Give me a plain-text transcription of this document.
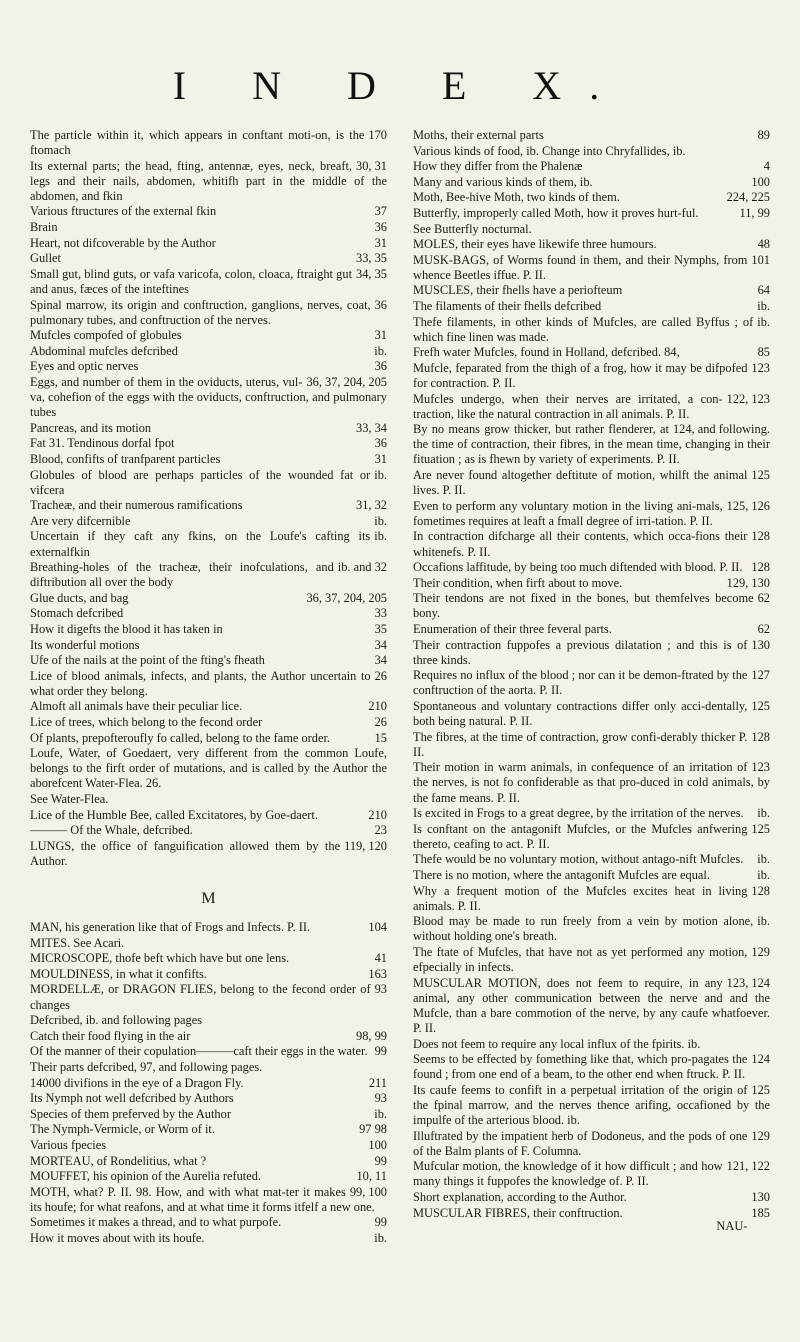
I N D E X.
170
The particle within it, which appears in conftant moti-on, is the ftomach
30, 31
Its external parts; the head, fting, antennæ, eyes, neck, breaft, legs and their nails, abdomen, whitifh part in the middle of the abdomen, and fkin
37
Various ftructures of the external fkin
36
Brain
31
Heart, not difcoverable by the Author
33, 35
Gullet
34, 35
Small gut, blind guts, or vafa varicofa, colon, cloaca, ftraight gut and anus, fæces of the inteftines
36
Spinal marrow, its origin and conftruction, ganglions, nerves, coat, pulmonary tubes, and conftruction of the nerves.
31
Mufcles compofed of globules
ib.
Abdominal mufcles defcribed
36
Eyes and optic nerves
36, 37, 204, 205
Eggs, and number of them in the oviducts, uterus, vul-va, cohefion of the eggs with the oviducts, conftruction, and pulmonary tubes
33, 34
Pancreas, and its motion
36
Fat 31. Tendinous dorfal fpot
31
Blood, confifts of tranfparent particles
ib.
Globules of blood are perhaps particles of the wounded fat or vifcera
31, 32
Tracheæ, and their numerous ramifications
ib.
Are very difcernible
ib.
Uncertain if they caft any fkins, on the Loufe's cafting its externalfkin
ib. and 32
Breathing-holes of the tracheæ, their inofculations, and diftribution all over the body
36, 37, 204, 205
Glue ducts, and bag
33
Stomach defcribed
35
How it digefts the blood it has taken in
34
Its wonderful motions
34
Ufe of the nails at the point of the fting's fheath
26
Lice of blood animals, infects, and plants, the Author uncertain to what order they belong.
210
Almoft all animals have their peculiar lice.
26
Lice of trees, which belong to the fecond order
15
Of plants, prepofteroufly fo called, belong to the fame order.
Loufe, Water, of Goedaert, very different from the common Loufe, belongs to the firft order of mutations, and is called by the Author the aborefcent Water-Flea. 26.
See Water-Flea.
210
Lice of the Humble Bee, called Excitatores, by Goe-daert.
23
——— Of the Whale, defcribed.
119, 120
LUNGS, the office of fanguification allowed them by the Author.
M
104
MAN, his generation like that of Frogs and Infects. P. II.
MITES. See Acari.
41
MICROSCOPE, thofe beft which have but one lens.
163
MOULDINESS, in what it confifts.
93
MORDELLÆ, or DRAGON FLIES, belong to the fecond order of changes
Defcribed, ib. and following pages
98, 99
Catch their food flying in the air
99
Of the manner of their copulation———caft their eggs in the water.
Their parts defcribed, 97, and following pages.
211
14000 divifions in the eye of a Dragon Fly.
93
Its Nymph not well defcribed by Authors
ib.
Species of them preferved by the Author
97 98
The Nymph-Vermicle, or Worm of it.
100
Various fpecies
99
MORTEAU, of Rondelitius, what ?
10, 11
MOUFFET, his opinion of the Aurelia refuted.
99, 100
MOTH, what? P. II. 98. How, and with what mat-ter it makes its houfe; for what reafons, and at what time it forms itfelf a new one.
99
Sometimes it makes a thread, and to what purpofe.
ib.
How it moves about with its houfe.
89
Moths, their external parts
Various kinds of food, ib. Change into Chryfallides, ib.
4
How they differ from the Phalenæ
100
Many and various kinds of them, ib.
224, 225
Moth, Bee-hive Moth, two kinds of them.
11, 99
Butterfly, improperly called Moth, how it proves hurt-ful.
See Butterfly nocturnal.
48
MOLES, their eyes have likewife three humours.
101
MUSK-BAGS, of Worms found in them, and their Nymphs, from whence Beetles iffue. P. II.
64
MUSCLES, their fhells have a periofteum
ib.
The filaments of their fhells defcribed
ib.
Thefe filaments, in other kinds of Mufcles, are called Byffus ; of which fine linen was made.
85
Frefh water Mufcles, found in Holland, defcribed. 84,
123
Mufcle, feparated from the thigh of a frog, how it may be difpofed for contraction. P. II.
122, 123
Mufcles undergo, when their nerves are irritated, a con-traction, like the natural contraction in all animals. P. II.
124, and following.
By no means grow thicker, but rather flenderer, at the time of contraction, their fibres, in the mean time, changing in their fituation ; as is fhewn by variety of experiments. P. II.
125
Are never found altogether deftitute of motion, whilft the animal lives. P. II.
125, 126
Even to perform any voluntary motion in the living ani-mals, fometimes requires at leaft a fmall degree of irri-tation. P. II.
128
In contraction difcharge all their contents, which occa-fions their whitenefs. P. II.
128
Occafions laffitude, by being too much diftended with blood. P. II.
129, 130
Their condition, when firft about to move.
62
Their tendons are not fixed in the bones, but themfelves become bony.
62
Enumeration of their three feveral parts.
130
Their contraction fuppofes a previous dilatation ; and this is of three kinds.
127
Requires no influx of the blood ; nor can it be demon-ftrated by the conftruction of the aorta. P. II.
125
Spontaneous and voluntary contractions differ only acci-dentally, both being natural. P. II.
128
The fibres, at the time of contraction, grow confi-derably thicker P. II.
123
Their motion in warm animals, in confequence of an irritation of the nerves, is not fo confiderable as that pro-duced in cold animals, by the fame means. P. II.
ib.
Is excited in Frogs to a great degree, by the irritation of the nerves.
125
Is conftant on the antagonift Mufcles, or the Mufcles anfwering thereto, ceafing to act. P. II.
ib.
Thefe would be no voluntary motion, without antago-nift Mufcles.
ib.
There is no motion, where the antagonift Mufcles are equal.
128
Why a frequent motion of the Mufcles excites heat in living animals. P. II.
ib.
Blood may be made to run freely from a vein by motion alone, without holding one's breath.
129
The ftate of Mufcles, that have not as yet performed any motion, efpecially in infects.
123, 124
MUSCULAR MOTION, does not feem to require, in any animal, any other communication between the nerve and and the Mufcle, than a bare commotion of the nerve, by any caufe whatfoever. P. II.
Does not feem to require any local influx of the fpirits. ib.
124
Seems to be effected by fomething like that, which pro-pagates the found ; from one end of a beam, to the other end when ftruck. P. II.
125
Its caufe feems to confift in a perpetual irritation of the origin of the fpinal marrow, and the nerves thence arifing, occafioned by the impulfe of the arterious blood. ib.
129
Illuftrated by the impatient herb of Dodoneus, and the pods of one of the Balm plants of F. Columna.
121, 122
Mufcular motion, the knowledge of it how difficult ; and how many things it fuppofes the knowledge of. P. II.
130
Short explanation, according to the Author.
185
MUSCULAR FIBRES, their conftruction.
NAU-
